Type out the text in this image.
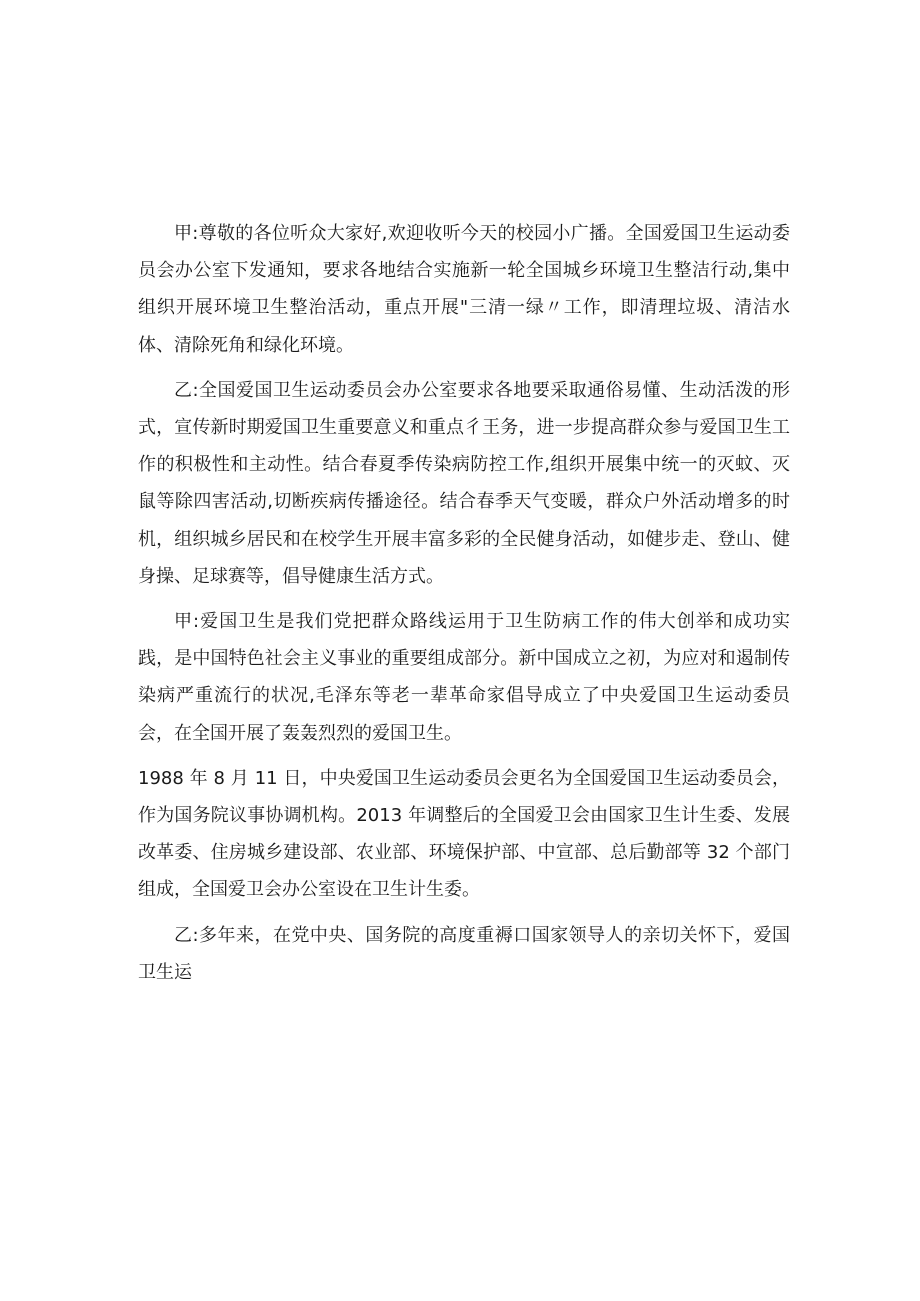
甲:尊敬的各位听众大家好,欢迎收听今天的校园小广播。全国爱国卫生运动委员会办公室下发通知，要求各地结合实施新一轮全国城乡环境卫生整洁行动,集中组织开展环境卫生整治活动，重点开展"三清一绿〃工作，即清理垃圾、清洁水体、清除死角和绿化环境。

乙:全国爱国卫生运动委员会办公室要求各地要采取通俗易懂、生动活泼的形式，宣传新时期爱国卫生重要意义和重点彳王务，进一步提高群众参与爱国卫生工作的积极性和主动性。结合春夏季传染病防控工作,组织开展集中统一的灭蚊、灭鼠等除四害活动,切断疾病传播途径。结合春季天气变暖，群众户外活动增多的时机，组织城乡居民和在校学生开展丰富多彩的全民健身活动，如健步走、登山、健身操、足球赛等，倡导健康生活方式。

甲:爱国卫生是我们党把群众路线运用于卫生防病工作的伟大创举和成功实践，是中国特色社会主义事业的重要组成部分。新中国成立之初，为应对和遏制传染病严重流行的状况,毛泽东等老一辈革命家倡导成立了中央爱国卫生运动委员会，在全国开展了轰轰烈烈的爱国卫生。

1988 年 8 月 11 日，中央爱国卫生运动委员会更名为全国爱国卫生运动委员会，作为国务院议事协调机构。2013 年调整后的全国爱卫会由国家卫生计生委、发展改革委、住房城乡建设部、农业部、环境保护部、中宣部、总后勤部等 32 个部门组成，全国爱卫会办公室设在卫生计生委。

乙:多年来，在党中央、国务院的高度重褥口国家领导人的亲切关怀下，爱国卫生运
